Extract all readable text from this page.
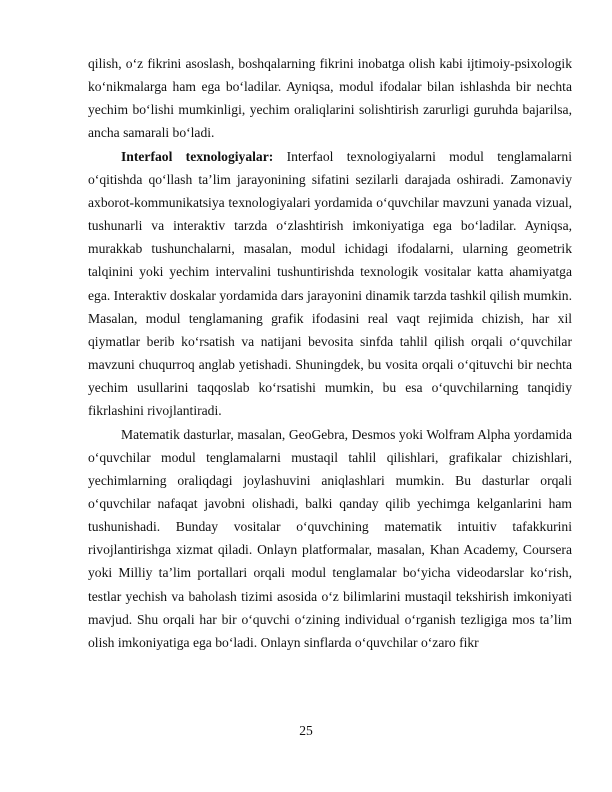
qilish, o‘z fikrini asoslash, boshqalarning fikrini inobatga olish kabi ijtimoiy-psixologik ko‘nikmalarga ham ega bo‘ladilar. Ayniqsa, modul ifodalar bilan ishlashda bir nechta yechim bo‘lishi mumkinligi, yechim oraliqlarini solishtirish zarurligi guruhda bajarilsa, ancha samarali bo‘ladi.

Interfaol texnologiyalar: Interfaol texnologiyalarni modul tenglamalarni o‘qitishda qo‘llash ta’lim jarayonining sifatini sezilarli darajada oshiradi. Zamonaviy axborot-kommunikatsiya texnologiyalari yordamida o‘quvchilar mavzuni yanada vizual, tushunarli va interaktiv tarzda o‘zlashtirish imkoniyatiga ega bo‘ladilar. Ayniqsa, murakkab tushunchalarni, masalan, modul ichidagi ifodalarni, ularning geometrik talqinini yoki yechim intervalini tushuntirishda texnologik vositalar katta ahamiyatga ega. Interaktiv doskalar yordamida dars jarayonini dinamik tarzda tashkil qilish mumkin. Masalan, modul tenglamaning grafik ifodasini real vaqt rejimida chizish, har xil qiymatlar berib ko‘rsatish va natijani bevosita sinfda tahlil qilish orqali o‘quvchilar mavzuni chuqurroq anglab yetishadi. Shuningdek, bu vosita orqali o‘qituvchi bir nechta yechim usullarini taqqoslab ko‘rsatishi mumkin, bu esa o‘quvchilarning tanqidiy fikrlashini rivojlantiradi.

Matematik dasturlar, masalan, GeoGebra, Desmos yoki Wolfram Alpha yordamida o‘quvchilar modul tenglamalarni mustaqil tahlil qilishlari, grafikalar chizishlari, yechimlarning oraliqdagi joylashuvini aniqlashlari mumkin. Bu dasturlar orqali o‘quvchilar nafaqat javobni olishadi, balki qanday qilib yechimga kelganlarini ham tushunishadi. Bunday vositalar o‘quvchining matematik intuitiv tafakkurini rivojlantirishga xizmat qiladi. Onlayn platformalar, masalan, Khan Academy, Coursera yoki Milliy ta’lim portallari orqali modul tenglamalar bo‘yicha videodarslar ko‘rish, testlar yechish va baholash tizimi asosida o‘z bilimlarini mustaqil tekshirish imkoniyati mavjud. Shu orqali har bir o‘quvchi o‘zining individual o‘rganish tezligiga mos ta’lim olish imkoniyatiga ega bo‘ladi. Onlayn sinflarda o‘quvchilar o‘zaro fikr

25
